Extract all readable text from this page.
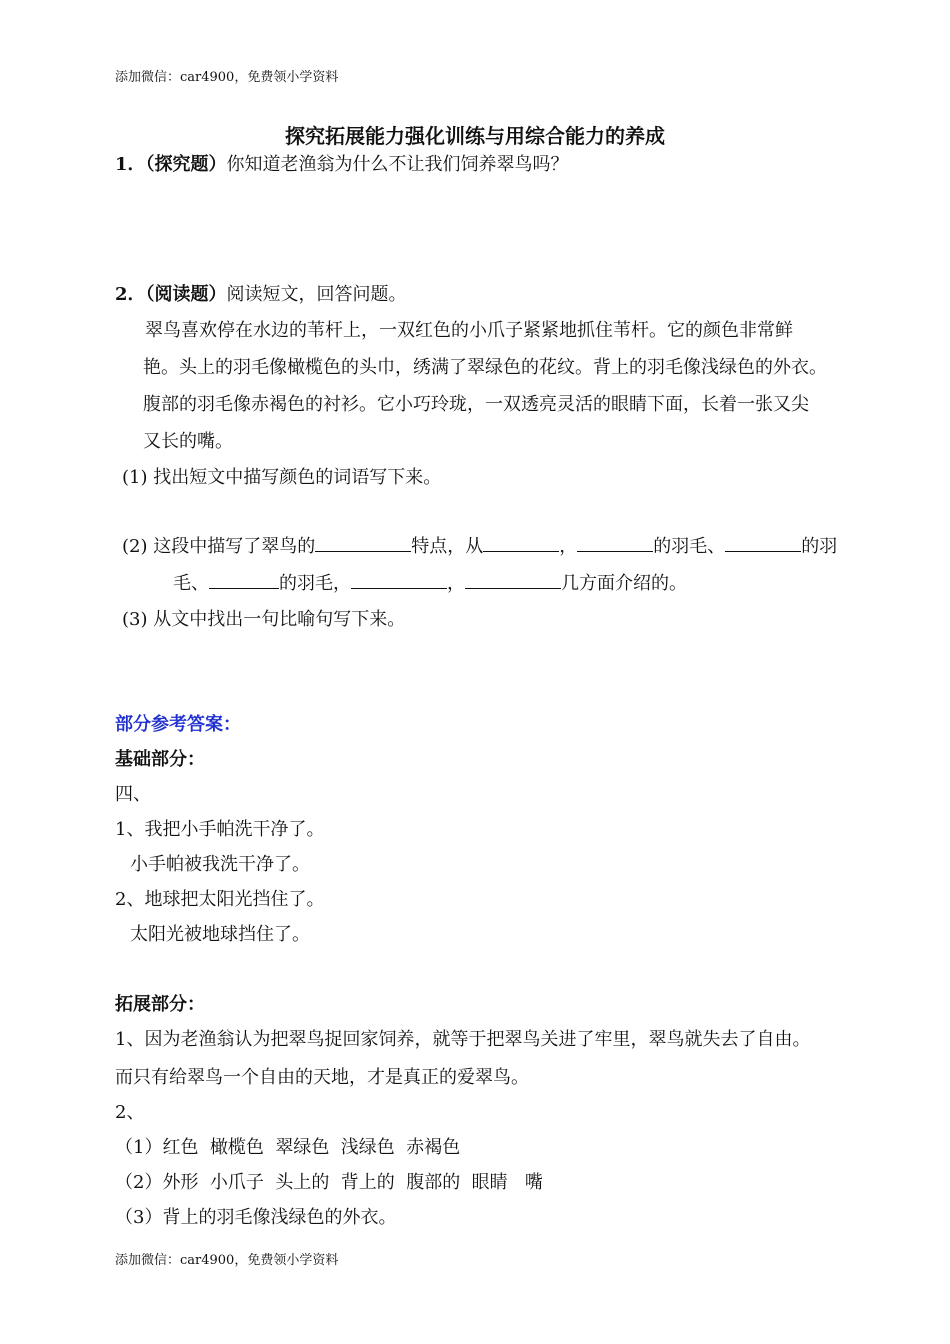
添加微信：car4900，免费领小学资料
探究拓展能力强化训练与用综合能力的养成
1．（探究题）你知道老渔翁为什么不让我们饲养翠鸟吗？
2．（阅读题）阅读短文，回答问题。
翠鸟喜欢停在水边的苇杆上，一双红色的小爪子紧紧地抓住苇杆。它的颜色非常鲜
艳。头上的羽毛像橄榄色的头巾，绣满了翠绿色的花纹。背上的羽毛像浅绿色的外衣。
腹部的羽毛像赤褐色的衬衫。它小巧玲珑，一双透亮灵活的眼睛下面，长着一张又尖
又长的嘴。
(1) 找出短文中描写颜色的词语写下来。
(2) 这段中描写了翠鸟的	特点，从	，	的羽毛、	的羽
毛、	的羽毛，	，	几方面介绍的。
(3) 从文中找出一句比喻句写下来。
部分参考答案：
基础部分：
四、
1、我把小手帕洗干净了。
小手帕被我洗干净了。
2、地球把太阳光挡住了。
太阳光被地球挡住了。
拓展部分：
1、因为老渔翁认为把翠鸟捉回家饲养，就等于把翠鸟关进了牢里，翠鸟就失去了自由。
而只有给翠鸟一个自由的天地，才是真正的爱翠鸟。
2、
（1）红色  橄榄色  翠绿色  浅绿色  赤褐色
（2）外形  小爪子  头上的  背上的  腹部的  眼睛   嘴
（3）背上的羽毛像浅绿色的外衣。
添加微信：car4900，免费领小学资料
